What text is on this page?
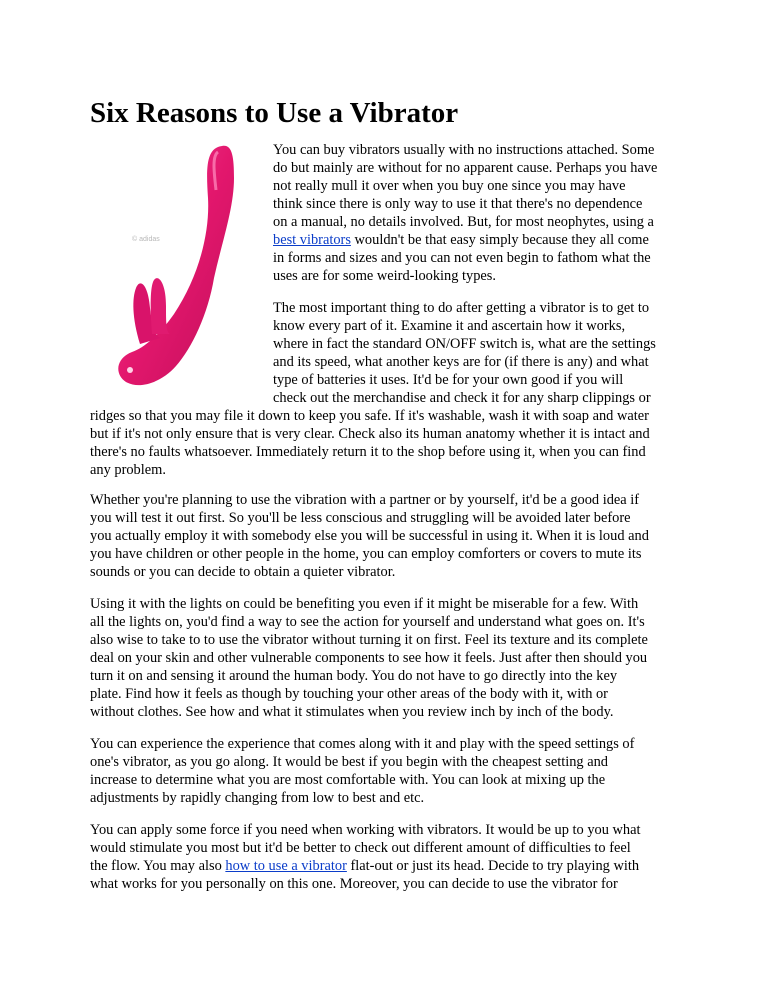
Six Reasons to Use a Vibrator
© adidas
You can buy vibrators usually with no instructions attached. Some
do but mainly are without for no apparent cause. Perhaps you have
not really mull it over when you buy one since you may have
think since there is only way to use it that there's no dependence
on a manual, no details involved. But, for most neophytes, using a
best vibrators wouldn't be that easy simply because they all come
in forms and sizes and you can not even begin to fathom what the
uses are for some weird-looking types.
The most important thing to do after getting a vibrator is to get to
know every part of it. Examine it and ascertain how it works,
where in fact the standard ON/OFF switch is, what are the settings
and its speed, what another keys are for (if there is any) and what
type of batteries it uses. It'd be for your own good if you will
check out the merchandise and check it for any sharp clippings or
ridges so that you may file it down to keep you safe. If it's washable, wash it with soap and water
but if it's not only ensure that is very clear. Check also its human anatomy whether it is intact and
there's no faults whatsoever. Immediately return it to the shop before using it, when you can find
any problem.
Whether you're planning to use the vibration with a partner or by yourself, it'd be a good idea if
you will test it out first. So you'll be less conscious and struggling will be avoided later before
you actually employ it with somebody else you will be successful in using it. When it is loud and
you have children or other people in the home, you can employ comforters or covers to mute its
sounds or you can decide to obtain a quieter vibrator.
Using it with the lights on could be benefiting you even if it might be miserable for a few. With
all the lights on, you'd find a way to see the action for yourself and understand what goes on. It's
also wise to take to to use the vibrator without turning it on first. Feel its texture and its complete
deal on your skin and other vulnerable components to see how it feels. Just after then should you
turn it on and sensing it around the human body. You do not have to go directly into the key
plate. Find how it feels as though by touching your other areas of the body with it, with or
without clothes. See how and what it stimulates when you review inch by inch of the body.
You can experience the experience that comes along with it and play with the speed settings of
one's vibrator, as you go along. It would be best if you begin with the cheapest setting and
increase to determine what you are most comfortable with. You can look at mixing up the
adjustments by rapidly changing from low to best and etc.
You can apply some force if you need when working with vibrators. It would be up to you what
would stimulate you most but it'd be better to check out different amount of difficulties to feel
the flow. You may also how to use a vibrator flat-out or just its head. Decide to try playing with
what works for you personally on this one. Moreover, you can decide to use the vibrator for
